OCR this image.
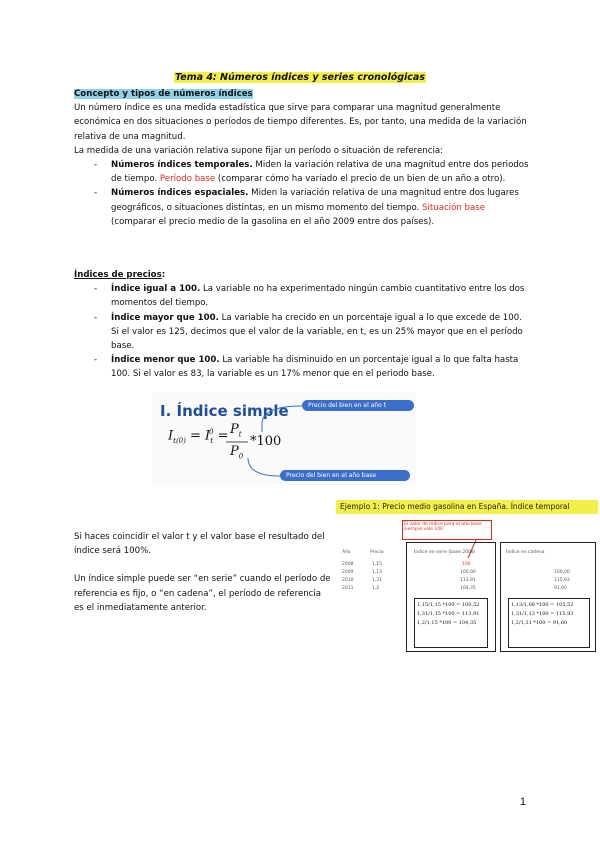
Tema 4: Números índices y series cronológicas
Concepto y tipos de números índices
Un número índice es una medida estadística que sirve para comparar una magnitud generalmente económica en dos situaciones o períodos de tiempo diferentes. Es, por tanto, una medida de la variación relativa de una magnitud.
La medida de una variación relativa supone fijar un período o situación de referencia:
- Números índices temporales. Miden la variación relativa de una magnitud entre dos periodos de tiempo. Período base (comparar cómo ha variado el precio de un bien de un año a otro).
- Números índices espaciales. Miden la variación relativa de una magnitud entre dos lugares geográficos, o situaciones distintas, en un mismo momento del tiempo. Situación base (comparar el precio medio de la gasolina en el año 2009 entre dos países).
Índices de precios:
- Índice igual a 100. La variable no ha experimentado ningún cambio cuantitativo entre los dos momentos del tiempo.
- Índice mayor que 100. La variable ha crecido en un porcentaje igual a lo que excede de 100. Si el valor es 125, decimos que el valor de la variable, en t, es un 25% mayor que en el período base.
- Índice menor que 100. La variable ha disminuido en un porcentaje igual a lo que falta hasta 100. Si el valor es 83, la variable es un 17% menor que en el periodo base.
I. Índice simple	Precio del bien en el año t
Precio del bien en el año base
$I_{t(0)} = I_t^0 = P_t$
$P_0$
*100
Si haces coincidir el valor t y el valor base el resultado del índice será 100%.
Un índice simple puede ser “en serie” cuando el período de referencia es fijo, o “en cadena”, el período de referencia es el inmediatamente anterior.
Ejemplo 1: Precio medio gasolina en España. Índice temporal
El valor de índice para el año base siempre vale 100
Año	Precio	Índice en serie (base 2008)	Índice en cadena
2008	1,15	100
2009	1,13	100,00	100,00
2010	1,31	113,91	115,93
2011	1,2	104,35	91,60
1,15/1,15 *100 = 100,52
1,31/1,15 *100 = 113,91
1,2/1,15 *100 = 104,35
1,13/1,08 *100 = 105,52
1,31/1,13 *100 = 115,93
1,2/1,31 *100 = 91,60
1
